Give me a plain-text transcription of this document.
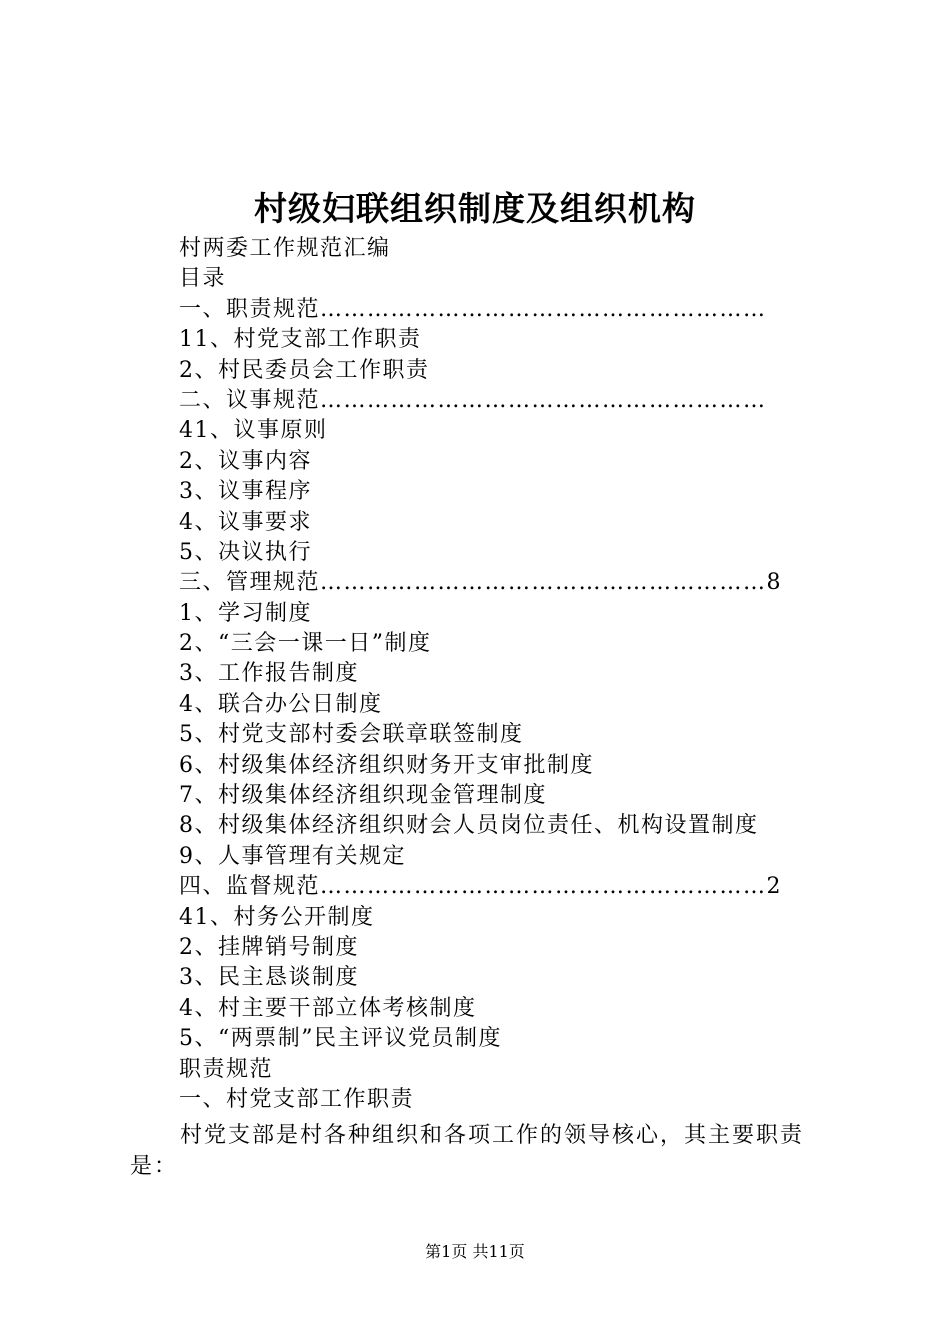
村级妇联组织制度及组织机构
村两委工作规范汇编
目录
一、职责规范…………………………………………………
11、村党支部工作职责
2、村民委员会工作职责
二、议事规范…………………………………………………
41、议事原则
2、议事内容
3、议事程序
4、议事要求
5、决议执行
三、管理规范…………………………………………………8
1、学习制度
2、“三会一课一日”制度
3、工作报告制度
4、联合办公日制度
5、村党支部村委会联章联签制度
6、村级集体经济组织财务开支审批制度
7、村级集体经济组织现金管理制度
8、村级集体经济组织财会人员岗位责任、机构设置制度
9、人事管理有关规定
四、监督规范…………………………………………………2
41、村务公开制度
2、挂牌销号制度
3、民主恳谈制度
4、村主要干部立体考核制度
5、“两票制”民主评议党员制度
职责规范
一、村党支部工作职责

村党支部是村各种组织和各项工作的领导核心，其主要职责是：

第1页 共11页
